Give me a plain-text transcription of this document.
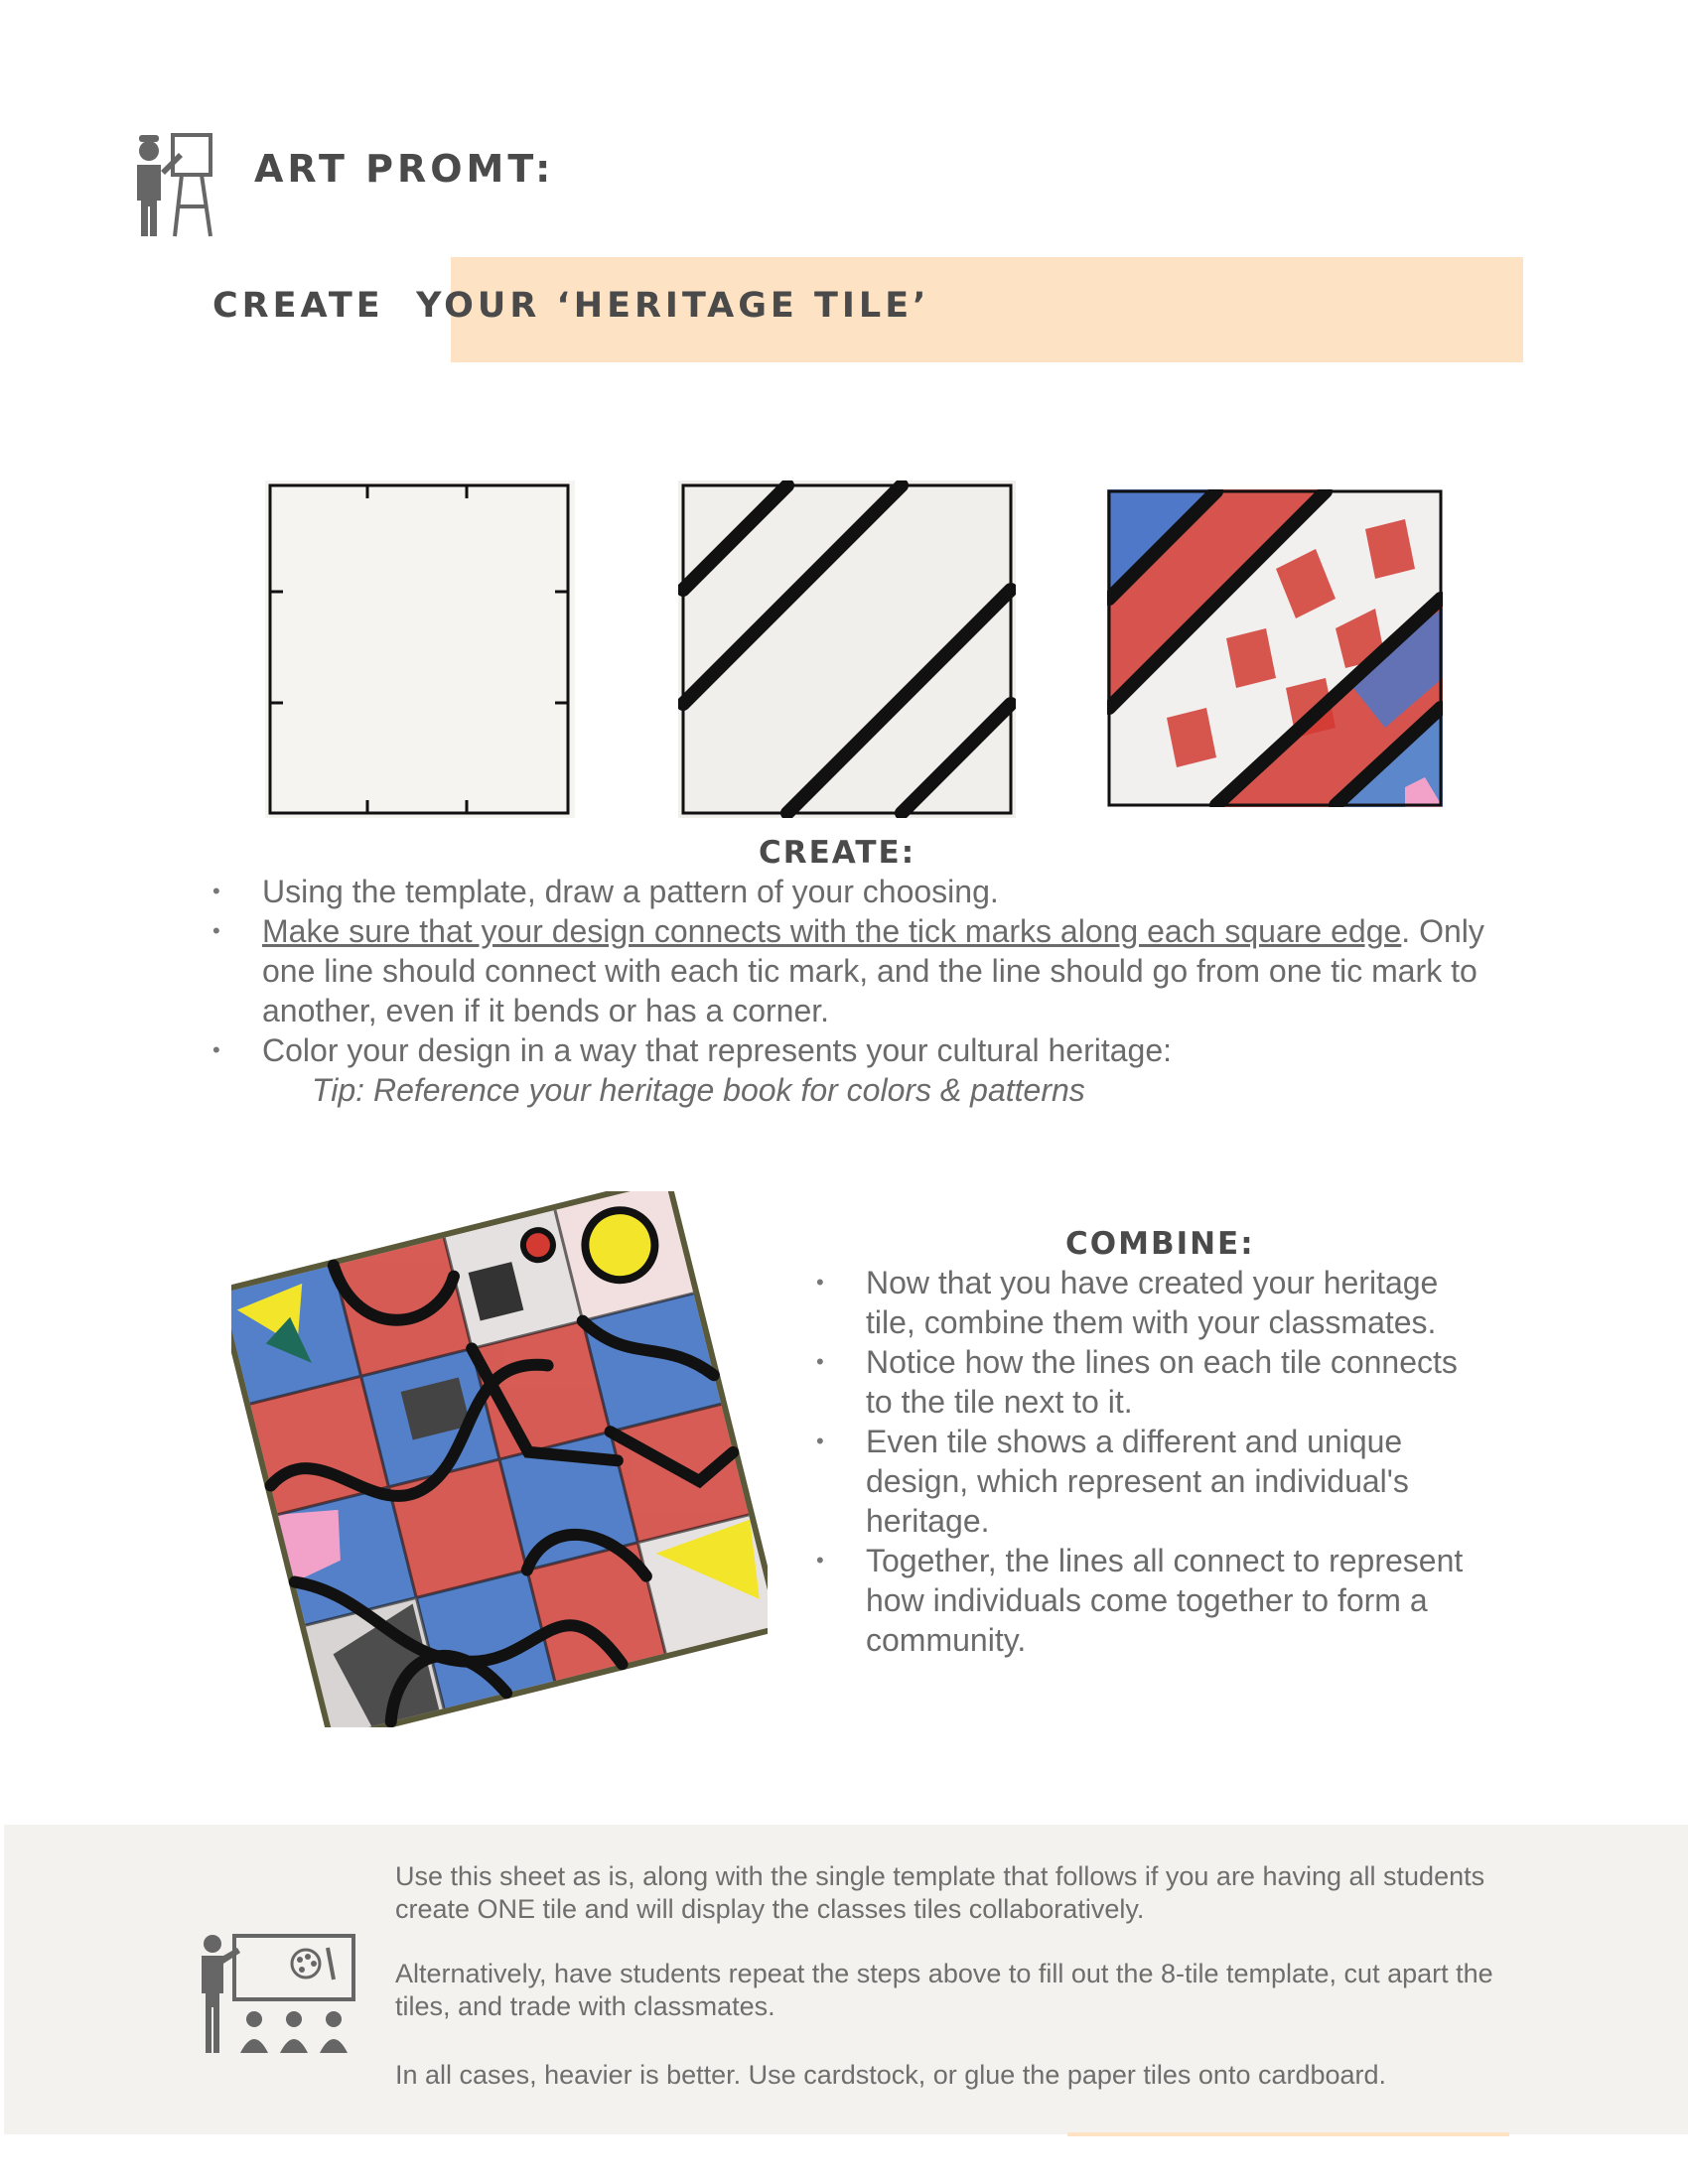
ART PROMT:
CREATE  YOUR ‘HERITAGE TILE’
CREATE:
• Using the template, draw a pattern of your choosing.
• Make sure that your design connects with the tick marks along each square edge. Only one line should connect with each tic mark, and the line should go from one tic mark to another, even if it bends or has a corner.
• Color your design in a way that represents your cultural heritage:
Tip: Reference your heritage book for colors & patterns
COMBINE:
• Now that you have created your heritage tile, combine them with your classmates.
• Notice how the lines on each tile connects to the tile next to it.
• Even tile shows a different and unique design, which represent an individual's heritage.
• Together, the lines all connect to represent how individuals come together to form a community.
Use this sheet as is, along with the single template that follows if you are having all students create ONE tile and will display the classes tiles collaboratively.
Alternatively, have students repeat the steps above to fill out the 8-tile template, cut apart the tiles, and trade with classmates.
In all cases, heavier is better. Use cardstock, or glue the paper tiles onto cardboard.
